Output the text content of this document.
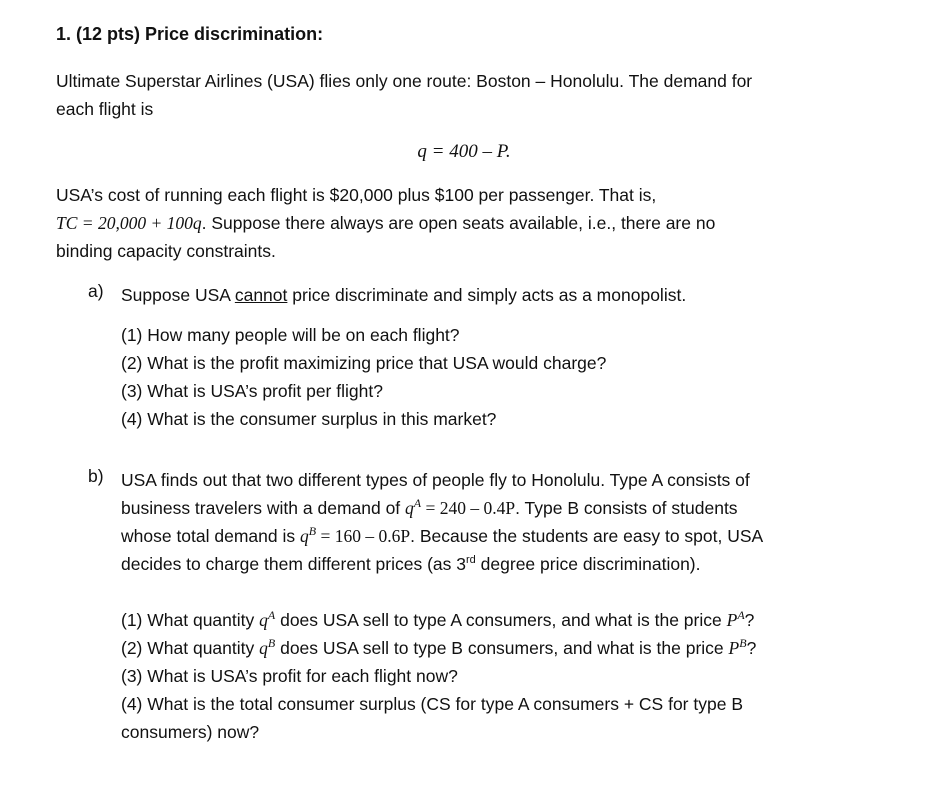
1. (12 pts) Price discrimination:
Ultimate Superstar Airlines (USA) flies only one route: Boston – Honolulu. The demand for
each flight is
q = 400 – P.
USA’s cost of running each flight is $20,000 plus $100 per passenger. That is,
TC = 20,000 + 100q. Suppose there always are open seats available, i.e., there are no
binding capacity constraints.
a) Suppose USA cannot price discriminate and simply acts as a monopolist.
(1) How many people will be on each flight?
(2) What is the profit maximizing price that USA would charge?
(3) What is USA’s profit per flight?
(4) What is the consumer surplus in this market?
b) USA finds out that two different types of people fly to Honolulu. Type A consists of
business travelers with a demand of $q^A = 240 - 0.4P$. Type B consists of students
whose total demand is $q^B = 160 - 0.6P$. Because the students are easy to spot, USA
decides to charge them different prices (as 3rd degree price discrimination).
(1) What quantity $q^A$ does USA sell to type A consumers, and what is the price $P^A$?
(2) What quantity $q^B$ does USA sell to type B consumers, and what is the price $P^B$?
(3) What is USA’s profit for each flight now?
(4) What is the total consumer surplus (CS for type A consumers + CS for type B
consumers) now?
